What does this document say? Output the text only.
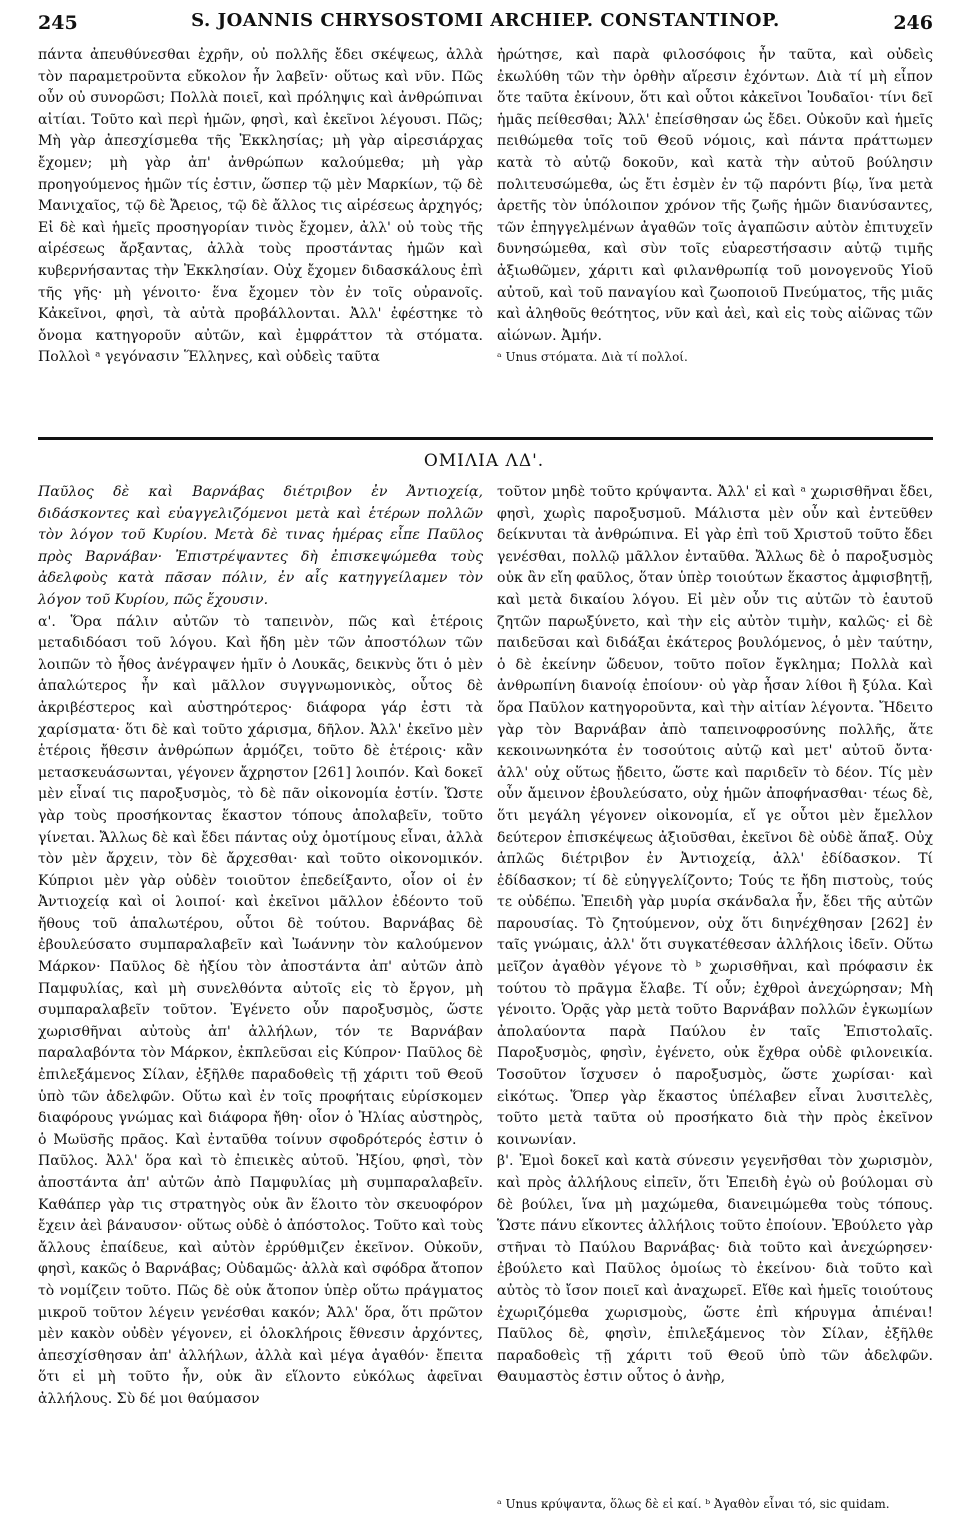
245	S. JOANNIS CHRYSOSTOMI ARCHIEP. CONSTANTINOP.	246

πάντα ἀπευθύνεσθαι ἐχρῆν, οὐ πολλῆς ἔδει σκέψεως, ἀλλὰ τὸν παραμετροῦντα εὔκολον ἦν λαβεῖν· οὕτως καὶ νῦν. Πῶς οὖν οὐ συνορῶσι; Πολλὰ ποιεῖ, καὶ πρόληψις καὶ ἀνθρώπιναι αἰτίαι. Τοῦτο καὶ περὶ ἡμῶν, φησὶ, καὶ ἐκεῖνοι λέγουσι. Πῶς; Μὴ γὰρ ἀπεσχίσμεθα τῆς Ἐκκλησίας; μὴ γὰρ αἱρεσιάρχας ἔχομεν; μὴ γὰρ ἀπ' ἀνθρώπων καλούμεθα; μὴ γὰρ προηγούμενος ἡμῶν τίς ἐστιν, ὥσπερ τῷ μὲν Μαρκίων, τῷ δὲ Μανιχαῖος, τῷ δὲ Ἄρειος, τῷ δὲ ἄλλος τις αἱρέσεως ἀρχηγός; Εἰ δὲ καὶ ἡμεῖς προσηγορίαν τινὸς ἔχομεν, ἀλλ' οὐ τοὺς τῆς αἱρέσεως ἄρξαντας, ἀλλὰ τοὺς προστάντας ἡμῶν καὶ κυβερνήσαντας τὴν Ἐκκλησίαν. Οὐχ ἔχομεν διδασκάλους ἐπὶ τῆς γῆς· μὴ γένοιτο· ἕνα ἔχομεν τὸν ἐν τοῖς οὐρανοῖς. Κἀκεῖνοι, φησὶ, τὰ αὐτὰ προβάλλονται. Ἀλλ' ἐφέστηκε τὸ ὄνομα κατηγοροῦν αὐτῶν, καὶ ἐμφράττον τὰ στόματα. Πολλοὶ ᵃ γεγόνασιν Ἕλληνες, καὶ οὐδεὶς ταῦτα

ἠρώτησε, καὶ παρὰ φιλοσόφοις ἦν ταῦτα, καὶ οὐδεὶς ἐκωλύθη τῶν τὴν ὀρθὴν αἵρεσιν ἐχόντων. Διὰ τί μὴ εἶπον ὅτε ταῦτα ἐκίνουν, ὅτι καὶ οὗτοι κἀκεῖνοι Ἰουδαῖοι· τίνι δεῖ ἡμᾶς πείθεσθαι; Ἀλλ' ἐπείσθησαν ὡς ἔδει. Οὐκοῦν καὶ ἡμεῖς πειθώμεθα τοῖς τοῦ Θεοῦ νόμοις, καὶ πάντα πράττωμεν κατὰ τὸ αὐτῷ δοκοῦν, καὶ κατὰ τὴν αὐτοῦ βούλησιν πολιτευσώμεθα, ὡς ἔτι ἐσμὲν ἐν τῷ παρόντι βίῳ, ἵνα μετὰ ἀρετῆς τὸν ὑπόλοιπον χρόνον τῆς ζωῆς ἡμῶν διανύσαντες, τῶν ἐπηγγελμένων ἀγαθῶν τοῖς ἀγαπῶσιν αὐτὸν ἐπιτυχεῖν δυνησώμεθα, καὶ σὺν τοῖς εὐαρεστήσασιν αὐτῷ τιμῆς ἀξιωθῶμεν, χάριτι καὶ φιλανθρωπίᾳ τοῦ μονογενοῦς Υἱοῦ αὐτοῦ, καὶ τοῦ παναγίου καὶ ζωοποιοῦ Πνεύματος, τῆς μιᾶς καὶ ἀληθοῦς θεότητος, νῦν καὶ ἀεὶ, καὶ εἰς τοὺς αἰῶνας τῶν αἰώνων. Ἀμήν.

ᵃ Unus στόματα. Διὰ τί πολλοί.

ΟΜΙΛΙΑ ΛΔ'.

Παῦλος δὲ καὶ Βαρνάβας διέτριβον ἐν Ἀντιοχείᾳ, διδάσκοντες καὶ εὐαγγελιζόμενοι μετὰ καὶ ἑτέρων πολλῶν τὸν λόγον τοῦ Κυρίου. Μετὰ δὲ τινας ἡμέρας εἶπε Παῦλος πρὸς Βαρνάβαν· Ἐπιστρέψαντες δὴ ἐπισκεψώμεθα τοὺς ἀδελφοὺς κατὰ πᾶσαν πόλιν, ἐν αἷς κατηγγείλαμεν τὸν λόγον τοῦ Κυρίου, πῶς ἔχουσιν.

α'. Ὅρα πάλιν αὐτῶν τὸ ταπεινὸν, πῶς καὶ ἑτέροις μεταδιδόασι τοῦ λόγου. Καὶ ἤδη μὲν τῶν ἀποστόλων τῶν λοιπῶν τὸ ἦθος ἀνέγραψεν ἡμῖν ὁ Λουκᾶς, δεικνὺς ὅτι ὁ μὲν ἁπαλώτερος ἦν καὶ μᾶλλον συγγνωμονικὸς, οὗτος δὲ ἀκριβέστερος καὶ αὐστηρότερος· διάφορα γάρ ἐστι τὰ χαρίσματα· ὅτι δὲ καὶ τοῦτο χάρισμα, δῆλον. Ἀλλ' ἐκεῖνο μὲν ἑτέροις ἤθεσιν ἀνθρώπων ἁρμόζει, τοῦτο δὲ ἑτέροις· κἂν μετασκευάσωνται, γέγονεν ἄχρηστον [261] λοιπόν. Καὶ δοκεῖ μὲν εἶναί τις παροξυσμὸς, τὸ δὲ πᾶν οἰκονομία ἐστίν. Ὥστε γὰρ τοὺς προσήκοντας ἕκαστον τόπους ἀπολαβεῖν, τοῦτο γίνεται. Ἄλλως δὲ καὶ ἔδει πάντας οὐχ ὁμοτίμους εἶναι, ἀλλὰ τὸν μὲν ἄρχειν, τὸν δὲ ἄρχεσθαι· καὶ τοῦτο οἰκονομικόν. Κύπριοι μὲν γὰρ οὐδὲν τοιοῦτον ἐπεδείξαντο, οἷον οἱ ἐν Ἀντιοχείᾳ καὶ οἱ λοιποί· καὶ ἐκεῖνοι μᾶλλον ἐδέοντο τοῦ ἤθους τοῦ ἁπαλωτέρου, οὗτοι δὲ τούτου. Βαρνάβας δὲ ἐβουλεύσατο συμπαραλαβεῖν καὶ Ἰωάννην τὸν καλούμενον Μάρκον· Παῦλος δὲ ἠξίου τὸν ἀποστάντα ἀπ' αὐτῶν ἀπὸ Παμφυλίας, καὶ μὴ συνελθόντα αὐτοῖς εἰς τὸ ἔργον, μὴ συμπαραλαβεῖν τοῦτον. Ἐγένετο οὖν παροξυσμὸς, ὥστε χωρισθῆναι αὐτοὺς ἀπ' ἀλλήλων, τόν τε Βαρνάβαν παραλαβόντα τὸν Μάρκον, ἐκπλεῦσαι εἰς Κύπρον· Παῦλος δὲ ἐπιλεξάμενος Σίλαν, ἐξῆλθε παραδοθεὶς τῇ χάριτι τοῦ Θεοῦ ὑπὸ τῶν ἀδελφῶν. Οὕτω καὶ ἐν τοῖς προφήταις εὑρίσκομεν διαφόρους γνώμας καὶ διάφορα ἤθη· οἷον ὁ Ἠλίας αὐστηρὸς, ὁ Μωϋσῆς πρᾶος. Καὶ ἐνταῦθα τοίνυν σφοδρότερός ἐστιν ὁ Παῦλος. Ἀλλ' ὅρα καὶ τὸ ἐπιεικὲς αὐτοῦ. Ἠξίου, φησὶ, τὸν ἀποστάντα ἀπ' αὐτῶν ἀπὸ Παμφυλίας μὴ συμπαραλαβεῖν. Καθάπερ γὰρ τις στρατηγὸς οὐκ ἂν ἕλοιτο τὸν σκευοφόρον ἔχειν ἀεὶ βάναυσον· οὕτως οὐδὲ ὁ ἀπόστολος. Τοῦτο καὶ τοὺς ἄλλους ἐπαίδευε, καὶ αὐτὸν ἐρρύθμιζεν ἐκεῖνον. Οὐκοῦν, φησὶ, κακῶς ὁ Βαρνάβας; Οὐδαμῶς· ἀλλὰ καὶ σφόδρα ἄτοπον τὸ νομίζειν τοῦτο. Πῶς δὲ οὐκ ἄτοπον ὑπὲρ οὕτω πράγματος μικροῦ τοῦτον λέγειν γενέσθαι κακόν; Ἀλλ' ὅρα, ὅτι πρῶτον μὲν κακὸν οὐδὲν γέγονεν, εἰ ὁλοκλήροις ἔθνεσιν ἀρχόντες, ἀπεσχίσθησαν ἀπ' ἀλλήλων, ἀλλὰ καὶ μέγα ἀγαθόν· ἔπειτα ὅτι εἰ μὴ τοῦτο ἦν, οὐκ ἂν εἵλοντο εὐκόλως ἀφεῖναι ἀλλήλους. Σὺ δέ μοι θαύμασον

τοῦτον μηδὲ τοῦτο κρύψαντα. Ἀλλ' εἰ καὶ ᵃ χωρισθῆναι ἔδει, φησὶ, χωρὶς παροξυσμοῦ. Μάλιστα μὲν οὖν καὶ ἐντεῦθεν δείκνυται τὰ ἀνθρώπινα. Εἰ γὰρ ἐπὶ τοῦ Χριστοῦ τοῦτο ἔδει γενέσθαι, πολλῷ μᾶλλον ἐνταῦθα. Ἄλλως δὲ ὁ παροξυσμὸς οὐκ ἂν εἴη φαῦλος, ὅταν ὑπὲρ τοιούτων ἕκαστος ἀμφισβητῇ, καὶ μετὰ δικαίου λόγου. Εἰ μὲν οὖν τις αὐτῶν τὸ ἑαυτοῦ ζητῶν παρωξύνετο, καὶ τὴν εἰς αὐτὸν τιμὴν, καλῶς· εἰ δὲ παιδεῦσαι καὶ διδάξαι ἑκάτερος βουλόμενος, ὁ μὲν ταύτην, ὁ δὲ ἐκείνην ὥδευον, τοῦτο ποῖον ἔγκλημα; Πολλὰ καὶ ἀνθρωπίνη διανοίᾳ ἐποίουν· οὐ γὰρ ἦσαν λίθοι ἢ ξύλα. Καὶ ὅρα Παῦλον κατηγοροῦντα, καὶ τὴν αἰτίαν λέγοντα. Ἤδειτο γὰρ τὸν Βαρνάβαν ἀπὸ ταπεινοφροσύνης πολλῆς, ἅτε κεκοινωνηκότα ἐν τοσούτοις αὐτῷ καὶ μετ' αὐτοῦ ὄντα· ἀλλ' οὐχ οὕτως ᾔδειτο, ὥστε καὶ παριδεῖν τὸ δέον. Τίς μὲν οὖν ἄμεινον ἐβουλεύσατο, οὐχ ἡμῶν ἀποφήνασθαι· τέως δὲ, ὅτι μεγάλη γέγονεν οἰκονομία, εἴ γε οὗτοι μὲν ἔμελλον δεύτερον ἐπισκέψεως ἀξιοῦσθαι, ἐκεῖνοι δὲ οὐδὲ ἅπαξ. Οὐχ ἁπλῶς διέτριβον ἐν Ἀντιοχείᾳ, ἀλλ' ἐδίδασκον. Τί ἐδίδασκον; τί δὲ εὐηγγελίζοντο; Τούς τε ἤδη πιστοὺς, τούς τε οὐδέπω. Ἐπειδὴ γὰρ μυρία σκάνδαλα ἦν, ἔδει τῆς αὐτῶν παρουσίας. Τὸ ζητούμενον, οὐχ ὅτι διηνέχθησαν [262] ἐν ταῖς γνώμαις, ἀλλ' ὅτι συγκατέθεσαν ἀλλήλοις ἰδεῖν. Οὕτω μεῖζον ἀγαθὸν γέγονε τὸ ᵇ χωρισθῆναι, καὶ πρόφασιν ἐκ τούτου τὸ πρᾶγμα ἔλαβε. Τί οὖν; ἐχθροὶ ἀνεχώρησαν; Μὴ γένοιτο. Ὁρᾷς γὰρ μετὰ τοῦτο Βαρνάβαν πολλῶν ἐγκωμίων ἀπολαύοντα παρὰ Παύλου ἐν ταῖς Ἐπιστολαῖς. Παροξυσμὸς, φησὶν, ἐγένετο, οὐκ ἔχθρα οὐδὲ φιλονεικία. Τοσοῦτον ἴσχυσεν ὁ παροξυσμὸς, ὥστε χωρίσαι· καὶ εἰκότως. Ὅπερ γὰρ ἕκαστος ὑπέλαβεν εἶναι λυσιτελὲς, τοῦτο μετὰ ταῦτα οὐ προσήκατο διὰ τὴν πρὸς ἐκεῖνον κοινωνίαν.

β'. Ἐμοὶ δοκεῖ καὶ κατὰ σύνεσιν γεγενῆσθαι τὸν χωρισμὸν, καὶ πρὸς ἀλλήλους εἰπεῖν, ὅτι Ἐπειδὴ ἐγὼ οὐ βούλομαι σὺ δὲ βούλει, ἵνα μὴ μαχώμεθα, διανειμώμεθα τοὺς τόπους. Ὥστε πάνυ εἴκοντες ἀλλήλοις τοῦτο ἐποίουν. Ἐβούλετο γὰρ στῆναι τὸ Παύλου Βαρνάβας· διὰ τοῦτο καὶ ἀνεχώρησεν· ἐβούλετο καὶ Παῦλος ὁμοίως τὸ ἐκείνου· διὰ τοῦτο καὶ αὐτὸς τὸ ἴσον ποιεῖ καὶ ἀναχωρεῖ. Εἴθε καὶ ἡμεῖς τοιούτους ἐχωριζόμεθα χωρισμοὺς, ὥστε ἐπὶ κήρυγμα ἀπιέναι! Παῦλος δὲ, φησὶν, ἐπιλεξάμενος τὸν Σίλαν, ἐξῆλθε παραδοθεὶς τῇ χάριτι τοῦ Θεοῦ ὑπὸ τῶν ἀδελφῶν. Θαυμαστὸς ἐστιν οὗτος ὁ ἀνὴρ,

ᵃ Unus κρύψαντα, ὅλως δὲ εἰ καί. ᵇ Ἀγαθὸν εἶναι τό, sic quidam.
